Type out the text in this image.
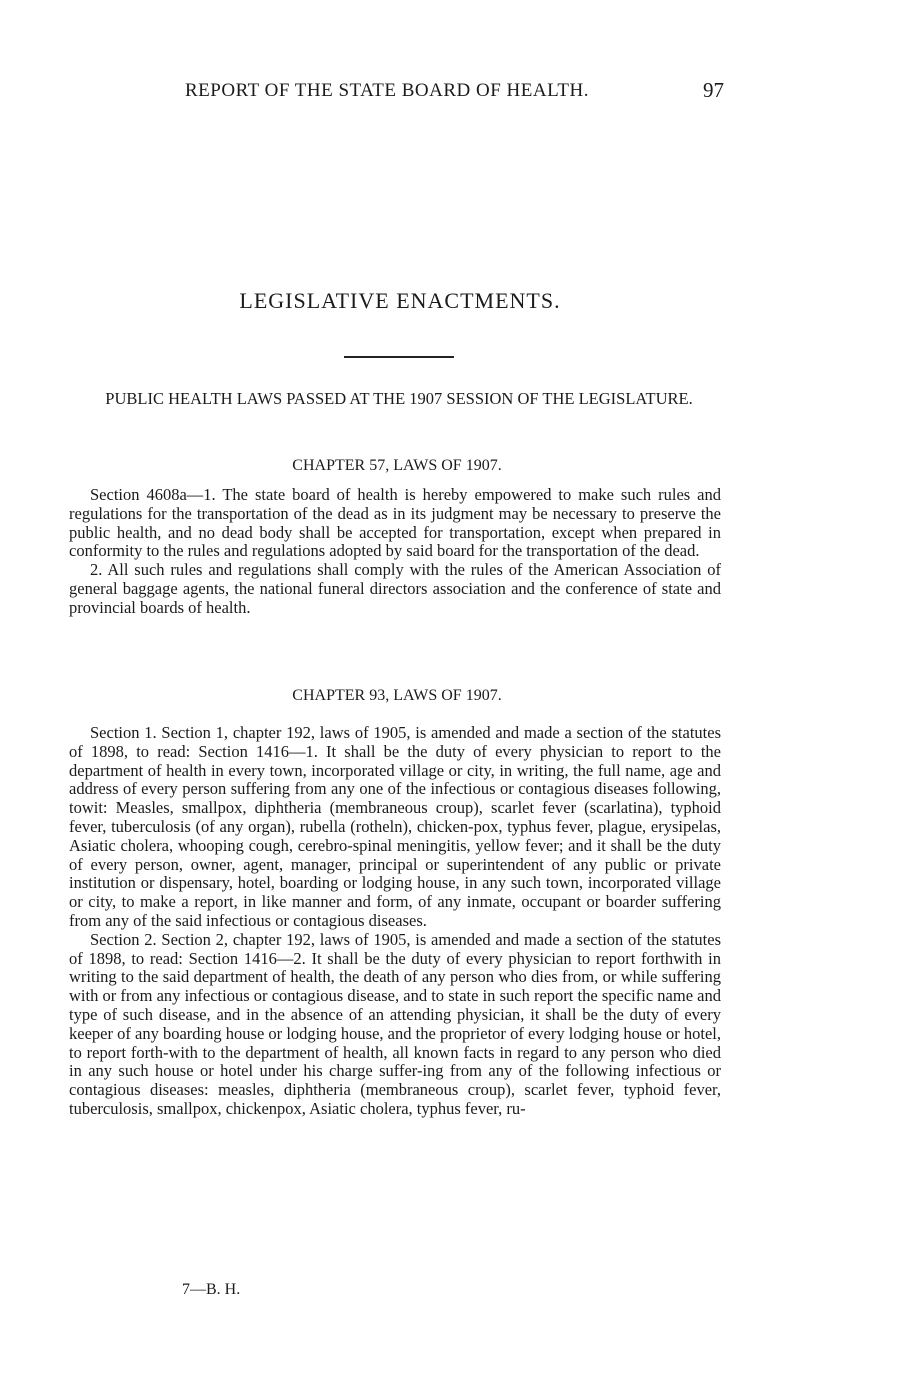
REPORT OF THE STATE BOARD OF HEALTH.	97
LEGISLATIVE ENACTMENTS.
PUBLIC HEALTH LAWS PASSED AT THE 1907 SESSION OF THE LEGISLATURE.
CHAPTER 57, LAWS OF 1907.

Section 4608a—1. The state board of health is hereby empowered to make such rules and regulations for the transportation of the dead as in its judgment may be necessary to preserve the public health, and no dead body shall be accepted for transportation, except when prepared in conformity to the rules and regulations adopted by said board for the transportation of the dead.

2. All such rules and regulations shall comply with the rules of the American Association of general baggage agents, the national funeral directors association and the conference of state and provincial boards of health.

CHAPTER 93, LAWS OF 1907.

Section 1. Section 1, chapter 192, laws of 1905, is amended and made a section of the statutes of 1898, to read: Section 1416—1. It shall be the duty of every physician to report to the department of health in every town, incorporated village or city, in writing, the full name, age and address of every person suffering from any one of the infectious or contagious diseases following, towit: Measles, smallpox, diphtheria (membraneous croup), scarlet fever (scarlatina), typhoid fever, tuberculosis (of any organ), rubella (rotheln), chicken-pox, typhus fever, plague, erysipelas, Asiatic cholera, whooping cough, cerebro-spinal meningitis, yellow fever; and it shall be the duty of every person, owner, agent, manager, principal or superintendent of any public or private institution or dispensary, hotel, boarding or lodging house, in any such town, incorporated village or city, to make a report, in like manner and form, of any inmate, occupant or boarder suffering from any of the said infectious or contagious diseases.

Section 2. Section 2, chapter 192, laws of 1905, is amended and made a section of the statutes of 1898, to read: Section 1416—2. It shall be the duty of every physician to report forthwith in writing to the said department of health, the death of any person who dies from, or while suffering with or from any infectious or contagious disease, and to state in such report the specific name and type of such disease, and in the absence of an attending physician, it shall be the duty of every keeper of any boarding house or lodging house, and the proprietor of every lodging house or hotel, to report forth-with to the department of health, all known facts in regard to any person who died in any such house or hotel under his charge suffer-ing from any of the following infectious or contagious diseases: measles, diphtheria (membraneous croup), scarlet fever, typhoid fever, tuberculosis, smallpox, chickenpox, Asiatic cholera, typhus fever, ru-

7—B. H.
